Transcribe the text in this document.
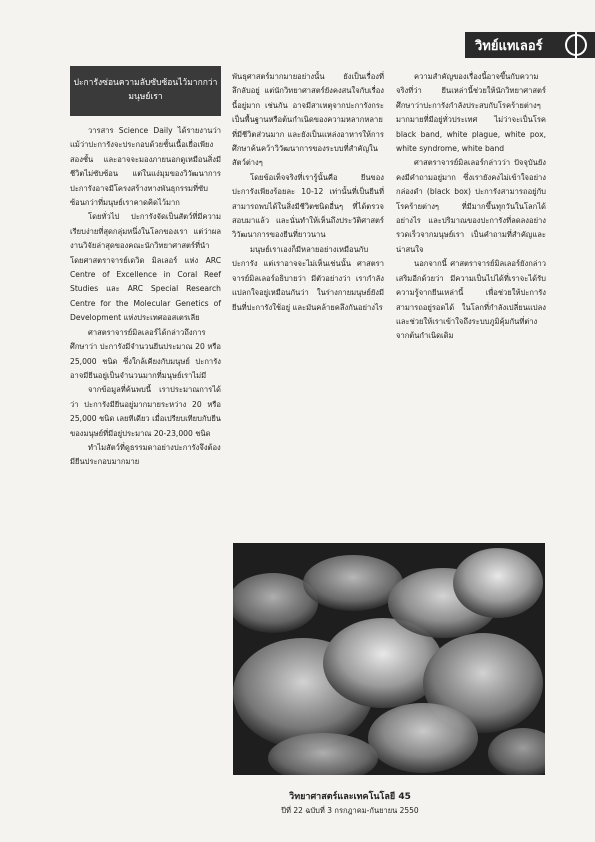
วิทย์แทเลอร์
ปะการังซ่อนความลับซับซ้อนไว้มากกว่ามนุษย์เรา

วารสาร Science Daily ได้รายงานว่า แม้ว่าปะการังจะประกอบด้วยชั้นเนื้อเยื่อเพียงสองชั้น และอาจจะมองภายนอกดูเหมือนสิ่งมีชีวิตไม่ซับซ้อน แต่ในแง่มุมของวิวัฒนาการ ปะการังอาจมีโครงสร้างทางพันธุกรรมที่ซับซ้อนกว่าที่มนุษย์เราคาดคิดไว้มาก

โดยทั่วไป ปะการังจัดเป็นสัตว์ที่มีความเรียบง่ายที่สุดกลุ่มหนึ่งในโลกของเรา แต่ว่าผลงานวิจัยล่าสุดของคณะนักวิทยาศาสตร์ที่นำโดยศาสตราจารย์เดวิด มิลเลอร์ แห่ง ARC Centre of Excellence in Coral Reef Studies และ ARC Special Research Centre for the Molecular Genetics of Development แห่งประเทศออสเตรเลีย

ศาสตราจารย์มิลเลอร์ได้กล่าวถึงการศึกษาว่า ปะการังมีจำนวนยีนประมาณ 20 หรือ 25,000 ชนิด ซึ่งใกล้เคียงกับมนุษย์ ปะการังอาจมียีนอยู่เป็นจำนวนมากที่มนุษย์เราไม่มี

จากข้อมูลที่ค้นพบนี้ เราประมาณการได้ว่า ปะการังมียีนอยู่มากมายระหว่าง 20 หรือ 25,000 ชนิด เลยทีเดียว เมื่อเปรียบเทียบกับยีนของมนุษย์ที่มีอยู่ประมาณ 20-23,000 ชนิด

ทำไมสัตว์ที่ดูธรรมดาอย่างปะการังจึงต้องมียีนประกอบมากมาย

พันธุศาสตร์มากมายอย่างนั้น ยังเป็นเรื่องที่ลึกลับอยู่ แต่นักวิทยาศาสตร์ยังคงสนใจกับเรื่องนี้อยู่มาก เช่นกัน อาจมีสาเหตุจากปะการังกระเป็นพื้นฐานหรือต้นกำเนิดของความหลากหลายที่มีชีวิตส่วนมาก และยังเป็นแหล่งอาหารให้การศึกษาค้นคว้าวิวัฒนาการของระบบที่สำคัญในสัตว์ต่างๆ

โดยข้อเท็จจริงที่เรารู้นั้นคือ ยีนของปะการังเพียงร้อยละ 10-12 เท่านั้นที่เป็นยีนที่สามารถพบได้ในสิ่งมีชีวิตชนิดอื่นๆ ที่ได้ตรวจสอบมาแล้ว และนั่นทำให้เห็นถึงประวัติศาสตร์วิวัฒนาการของยีนที่ยาวนาน

มนุษย์เราเองก็มีหลายอย่างเหมือนกับปะการัง แต่เราอาจจะไม่เห็นเช่นนั้น ศาสตราจารย์มิลเลอร์อธิบายว่า มีตัวอย่างว่า เรากำลังแปลกใจอยู่เหมือนกันว่า ในร่างกายมนุษย์ยังมียีนที่ปะการังใช้อยู่ และมันคล้ายคลึงกันอย่างไร

ความสำคัญของเรื่องนี้อาจขึ้นกับความจริงที่ว่า ยีนเหล่านี้ช่วยให้นักวิทยาศาสตร์ศึกษาว่าปะการังกำลังประสบกับโรคร้ายต่างๆ มากมายที่มีอยู่ทั่วประเทศ ไม่ว่าจะเป็นโรค black band, white plague, white pox, white syndrome, white band

ศาสตราจารย์มิลเลอร์กล่าวว่า ปัจจุบันยังคงมีคำถามอยู่มาก ซึ่งเรายังคงไม่เข้าใจอย่างกล่องดำ (black box) ปะการังสามารถอยู่กับโรคร้ายต่างๆ ที่มีมากขึ้นทุกวันในโลกได้อย่างไร และปริมาณของปะการังที่ลดลงอย่างรวดเร็วจากมนุษย์เรา เป็นคำถามที่สำคัญและน่าสนใจ

นอกจากนี้ ศาสตราจารย์มิลเลอร์ยังกล่าวเสริมอีกด้วยว่า มีความเป็นไปได้ที่เราจะได้รับความรู้จากยีนเหล่านี้ เพื่อช่วยให้ปะการังสามารถอยู่รอดได้ ในโลกที่กำลังเปลี่ยนแปลง และช่วยให้เราเข้าใจถึงระบบภูมิคุ้มกันที่ต่างจากต้นกำเนิดเดิม

วิทยาศาสตร์และเทคโนโลยี 45
ปีที่ 22 ฉบับที่ 3 กรกฎาคม-กันยายน 2550
